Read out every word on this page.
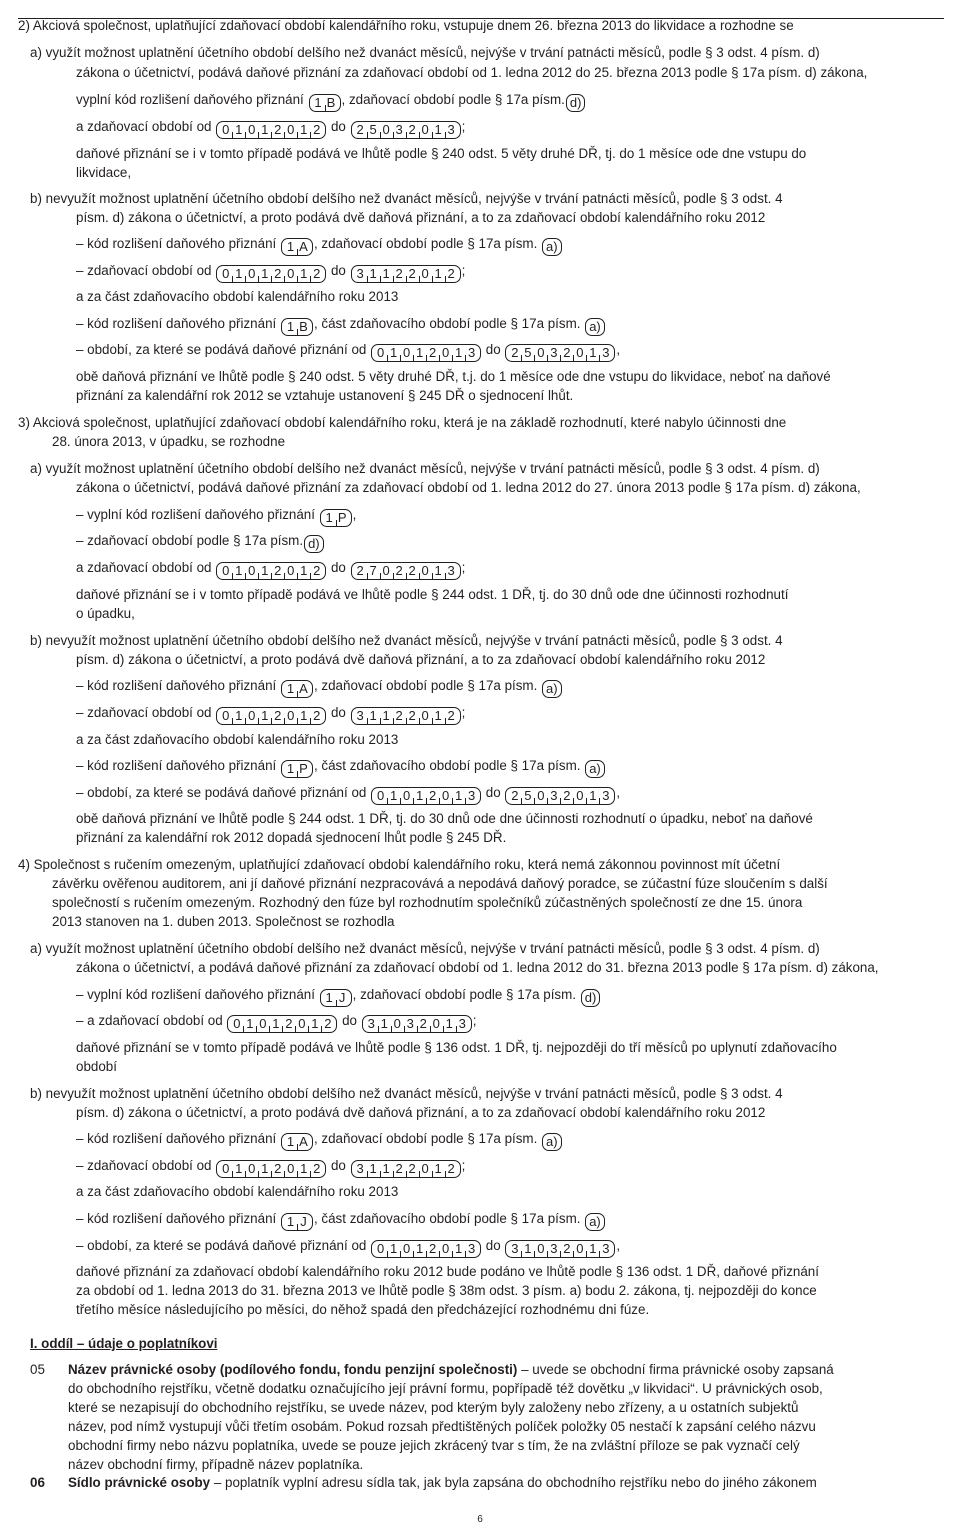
2) Akciová společnost, uplatňující zdaňovací období kalendářního roku, vstupuje dnem 26. března 2013 do likvidace a rozhodne se
a) využít možnost uplatnění účetního období delšího než dvanáct měsíců, nejvýše v trvání patnácti měsíců, podle § 3 odst. 4 písm. d)
zákona o účetnictví, podává daňové přiznání za zdaňovací období od 1. ledna 2012 do 25. března 2013 podle § 17a písm. d) zákona,
vyplní kód rozlišení daňového přiznání 1 B , zdaňovací období podle § 17a písm. d)
a zdaňovací období od 0 1 0 1 2 0 1 2 do 2 5 0 3 2 0 1 3 ;
daňové přiznání se i v tomto případě podává ve lhůtě podle § 240 odst. 5 věty druhé DŘ, tj. do 1 měsíce ode dne vstupu do
likvidace,
b) nevyužít možnost uplatnění účetního období delšího než dvanáct měsíců, nejvýše v trvání patnácti měsíců, podle § 3 odst. 4
písm. d) zákona o účetnictví, a proto podává dvě daňová přiznání, a to za zdaňovací období kalendářního roku 2012
– kód rozlišení daňového přiznání 1 A , zdaňovací období podle § 17a písm. a)
– zdaňovací období od 0 1 0 1 2 0 1 2 do 3 1 1 2 2 0 1 2 ;
a za část zdaňovacího období kalendářního roku 2013
– kód rozlišení daňového přiznání 1 B , část zdaňovacího období podle § 17a písm. a)
– období, za které se podává daňové přiznání od 0 1 0 1 2 0 1 3 do 2 5 0 3 2 0 1 3 ,
obě daňová přiznání ve lhůtě podle § 240 odst. 5 věty druhé DŘ, t.j. do 1 měsíce ode dne vstupu do likvidace, neboť na daňové
přiznání za kalendářní rok 2012 se vztahuje ustanovení § 245 DŘ o sjednocení lhůt.
3) Akciová společnost, uplatňující zdaňovací období kalendářního roku, která je na základě rozhodnutí, které nabylo účinnosti dne
28. února 2013, v úpadku, se rozhodne
a) využít možnost uplatnění účetního období delšího než dvanáct měsíců, nejvýše v trvání patnácti měsíců, podle § 3 odst. 4 písm. d)
zákona o účetnictví, podává daňové přiznání za zdaňovací období od 1. ledna 2012 do 27. února 2013 podle § 17a písm. d) zákona,
– vyplní kód rozlišení daňového přiznání 1 P ,
– zdaňovací období podle § 17a písm. d)
a zdaňovací období od 0 1 0 1 2 0 1 2 do 2 7 0 2 2 0 1 3 ;
daňové přiznání se i v tomto případě podává ve lhůtě podle § 244 odst. 1 DŘ, tj. do 30 dnů ode dne účinnosti rozhodnutí
o úpadku,
b) nevyužít možnost uplatnění účetního období delšího než dvanáct měsíců, nejvýše v trvání patnácti měsíců, podle § 3 odst. 4
písm. d) zákona o účetnictví, a proto podává dvě daňová přiznání, a to za zdaňovací období kalendářního roku 2012
– kód rozlišení daňového přiznání 1 A , zdaňovací období podle § 17a písm. a)
– zdaňovací období od 0 1 0 1 2 0 1 2 do 3 1 1 2 2 0 1 2 ;
a za část zdaňovacího období kalendářního roku 2013
– kód rozlišení daňového přiznání 1 P , část zdaňovacího období podle § 17a písm. a)
– období, za které se podává daňové přiznání od 0 1 0 1 2 0 1 3 do 2 5 0 3 2 0 1 3 ,
obě daňová přiznání ve lhůtě podle § 244 odst. 1 DŘ, tj. do 30 dnů ode dne účinnosti rozhodnutí o úpadku, neboť na daňové
přiznání za kalendářní rok 2012 dopadá sjednocení lhůt podle § 245 DŘ.
4) Společnost s ručením omezeným, uplatňující zdaňovací období kalendářního roku, která nemá zákonnou povinnost mít účetní
závěrku ověřenou auditorem, ani jí daňové přiznání nezpracovává a nepodává daňový poradce, se zúčastní fúze sloučením s další
společností s ručením omezeným. Rozhodný den fúze byl rozhodnutím společníků zúčastněných společností ze dne 15. února
2013 stanoven na 1. duben 2013. Společnost se rozhodla
a) využít možnost uplatnění účetního období delšího než dvanáct měsíců, nejvýše v trvání patnácti měsíců, podle § 3 odst. 4 písm. d)
zákona o účetnictví, a podává daňové přiznání za zdaňovací období od 1. ledna 2012 do 31. března 2013 podle § 17a písm. d) zákona,
– vyplní kód rozlišení daňového přiznání 1 J , zdaňovací období podle § 17a písm. d)
– a zdaňovací období od 0 1 0 1 2 0 1 2 do 3 1 0 3 2 0 1 3 ;
daňové přiznání se v tomto případě podává ve lhůtě podle § 136 odst. 1 DŘ, tj. nejpozději do tří měsíců po uplynutí zdaňovacího
období
b) nevyužít možnost uplatnění účetního období delšího než dvanáct měsíců, nejvýše v trvání patnácti měsíců, podle § 3 odst. 4
písm. d) zákona o účetnictví, a proto podává dvě daňová přiznání, a to za zdaňovací období kalendářního roku 2012
– kód rozlišení daňového přiznání 1 A , zdaňovací období podle § 17a písm. a)
– zdaňovací období od 0 1 0 1 2 0 1 2 do 3 1 1 2 2 0 1 2 ;
a za část zdaňovacího období kalendářního roku 2013
– kód rozlišení daňového přiznání 1 J , část zdaňovacího období podle § 17a písm. a)
– období, za které se podává daňové přiznání od 0 1 0 1 2 0 1 3 do 3 1 0 3 2 0 1 3 ,
daňové přiznání za zdaňovací období kalendářního roku 2012 bude podáno ve lhůtě podle § 136 odst. 1 DŘ, daňové přiznání
za období od 1. ledna 2013 do 31. března 2013 ve lhůtě podle § 38m odst. 3 písm. a) bodu 2. zákona, tj. nejpozději do konce
třetího měsíce následujícího po měsíci, do něhož spadá den předcházející rozhodnému dni fúze.
I. oddíl – údaje o poplatníkovi
05 Název právnické osoby (podílového fondu, fondu penzijní společnosti) – uvede se obchodní firma právnické osoby zapsaná
do obchodního rejstříku, včetně dodatku označujícího její právní formu, popřípadě též dovětku „v likvidaci“. U právnických osob,
které se nezapisují do obchodního rejstříku, se uvede název, pod kterým byly založeny nebo zřízeny, a u ostatních subjektů
název, pod nímž vystupují vůči třetím osobám. Pokud rozsah předtištěných políček položky 05 nestačí k zapsání celého názvu
obchodní firmy nebo názvu poplatníka, uvede se pouze jejich zkrácený tvar s tím, že na zvláštní příloze se pak vyznačí celý
název obchodní firmy, případně název poplatníka.
06 Sídlo právnické osoby – poplatník vyplní adresu sídla tak, jak byla zapsána do obchodního rejstříku nebo do jiného zákonem
6
